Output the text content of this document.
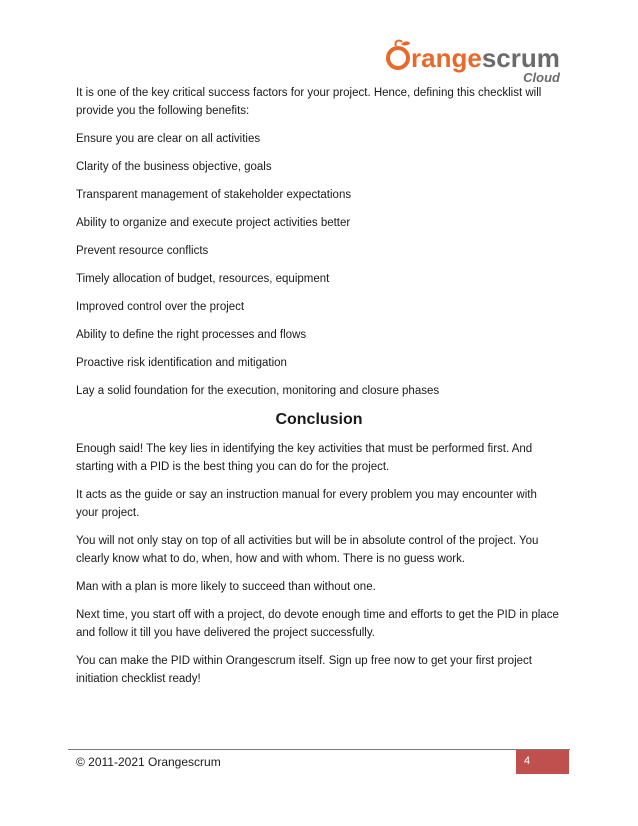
rangescrum
Cloud

It is one of the key critical success factors for your project. Hence, defining this checklist will provide you the following benefits:

Ensure you are clear on all activities

Clarity of the business objective, goals

Transparent management of stakeholder expectations

Ability to organize and execute project activities better

Prevent resource conflicts

Timely allocation of budget, resources, equipment

Improved control over the project

Ability to define the right processes and flows

Proactive risk identification and mitigation

Lay a solid foundation for the execution, monitoring and closure phases

Conclusion

Enough said! The key lies in identifying the key activities that must be performed first. And starting with a PID is the best thing you can do for the project.

It acts as the guide or say an instruction manual for every problem you may encounter with your project.

You will not only stay on top of all activities but will be in absolute control of the project. You clearly know what to do, when, how and with whom. There is no guess work.

Man with a plan is more likely to succeed than without one.

Next time, you start off with a project, do devote enough time and efforts to get the PID in place and follow it till you have delivered the project successfully.

You can make the PID within Orangescrum itself. Sign up free now to get your first project initiation checklist ready!

© 2011-2021 Orangescrum	4
